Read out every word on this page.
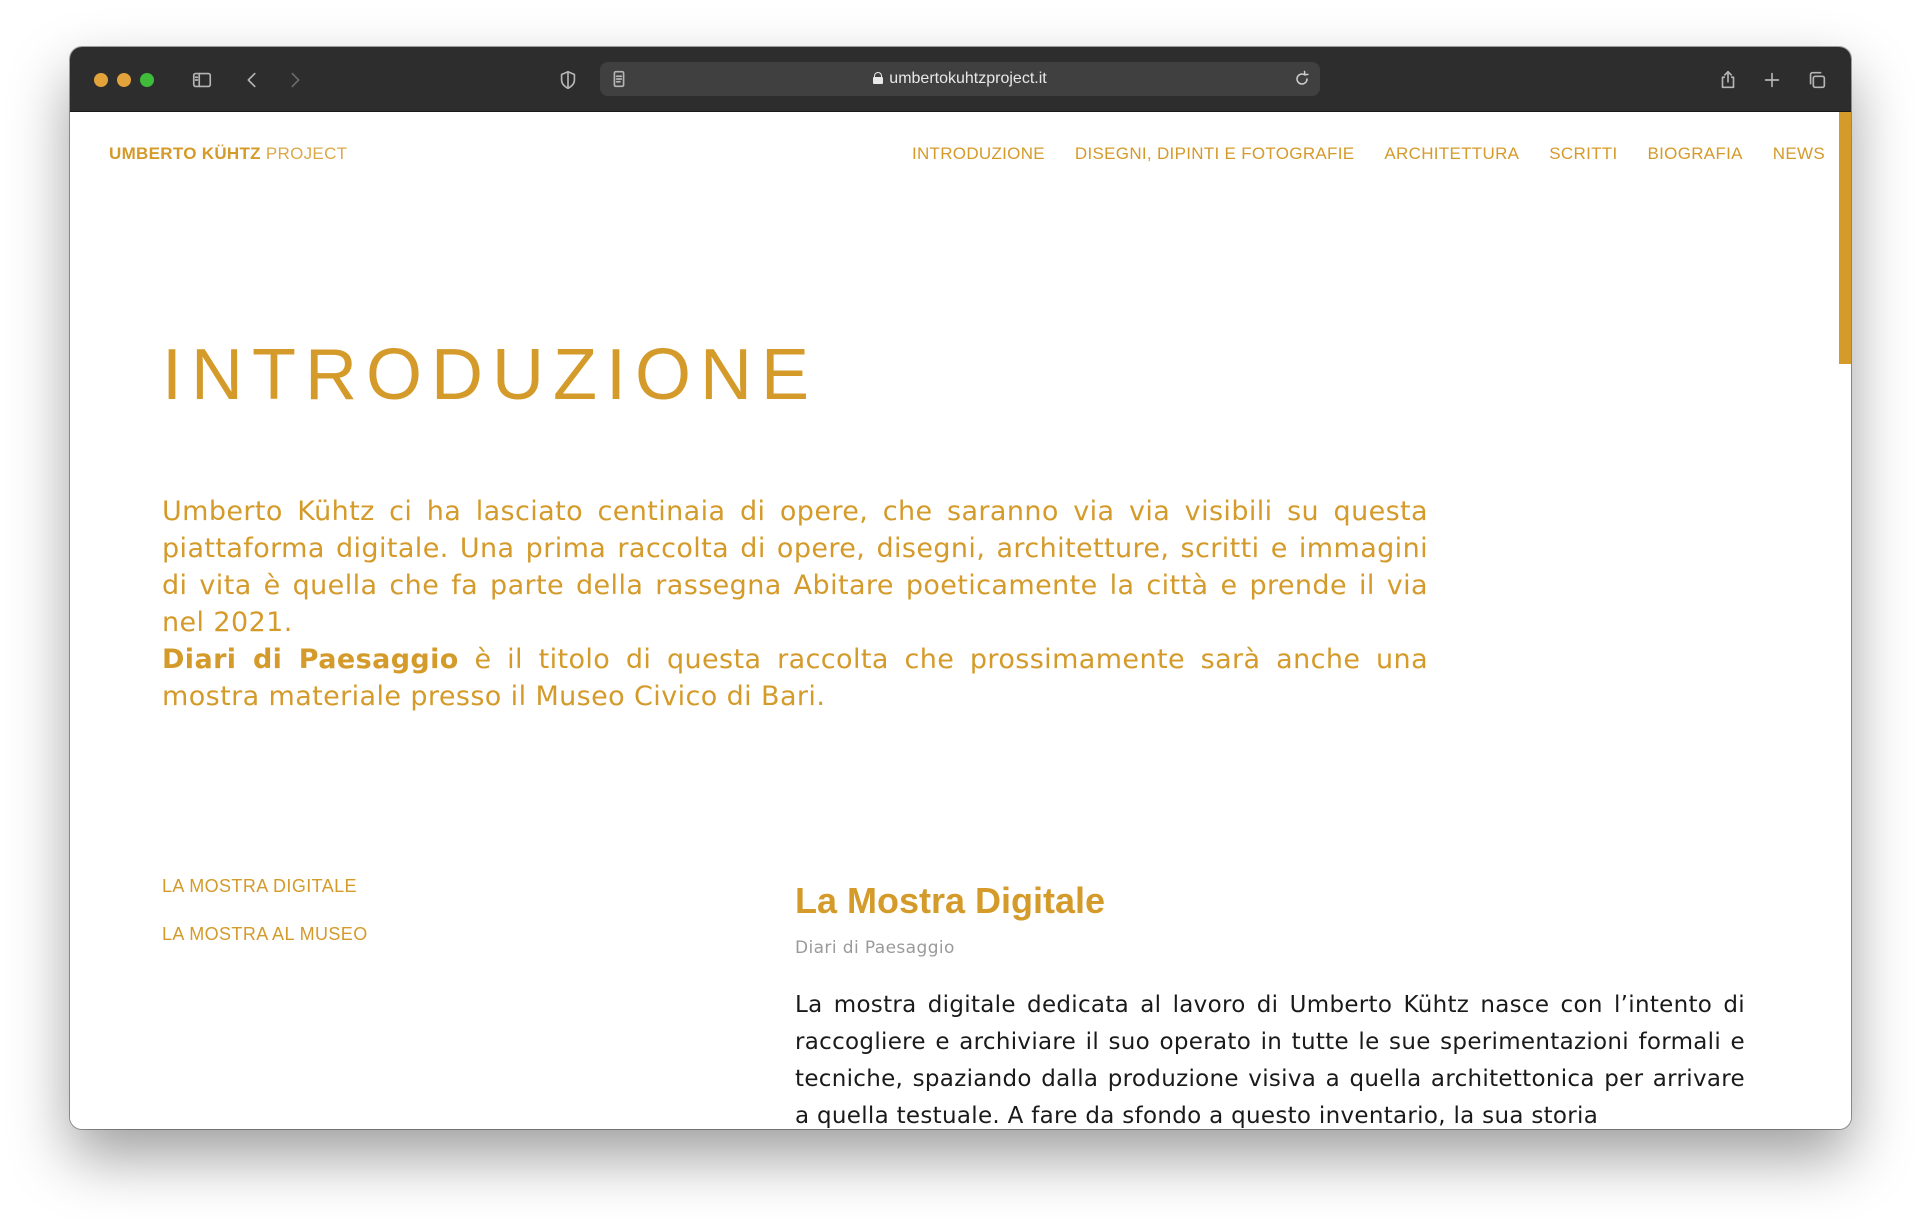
umbertokuhtzproject.it
UMBERTO KÜHTZ PROJECT	INTRODUZIONE DISEGNI, DIPINTI E FOTOGRAFIE ARCHITETTURA SCRITTI BIOGRAFIA NEWS
INTRODUZIONE
Umberto Kühtz ci ha lasciato centinaia di opere, che saranno via via visibili su questa piattaforma digitale. Una prima raccolta di opere, disegni, architetture, scritti e immagini di vita è quella che fa parte della rassegna Abitare poeticamente la città e prende il via nel 2021.
Diari di Paesaggio è il titolo di questa raccolta che prossimamente sarà anche una mostra materiale presso il Museo Civico di Bari.
LA MOSTRA DIGITALE
LA MOSTRA AL MUSEO
La Mostra Digitale
Diari di Paesaggio

La mostra digitale dedicata al lavoro di Umberto Kühtz nasce con l’intento di raccogliere e archiviare il suo operato in tutte le sue sperimentazioni formali e tecniche, spaziando dalla produzione visiva a quella architettonica per arrivare a quella testuale. A fare da sfondo a questo inventario, la sua storia
